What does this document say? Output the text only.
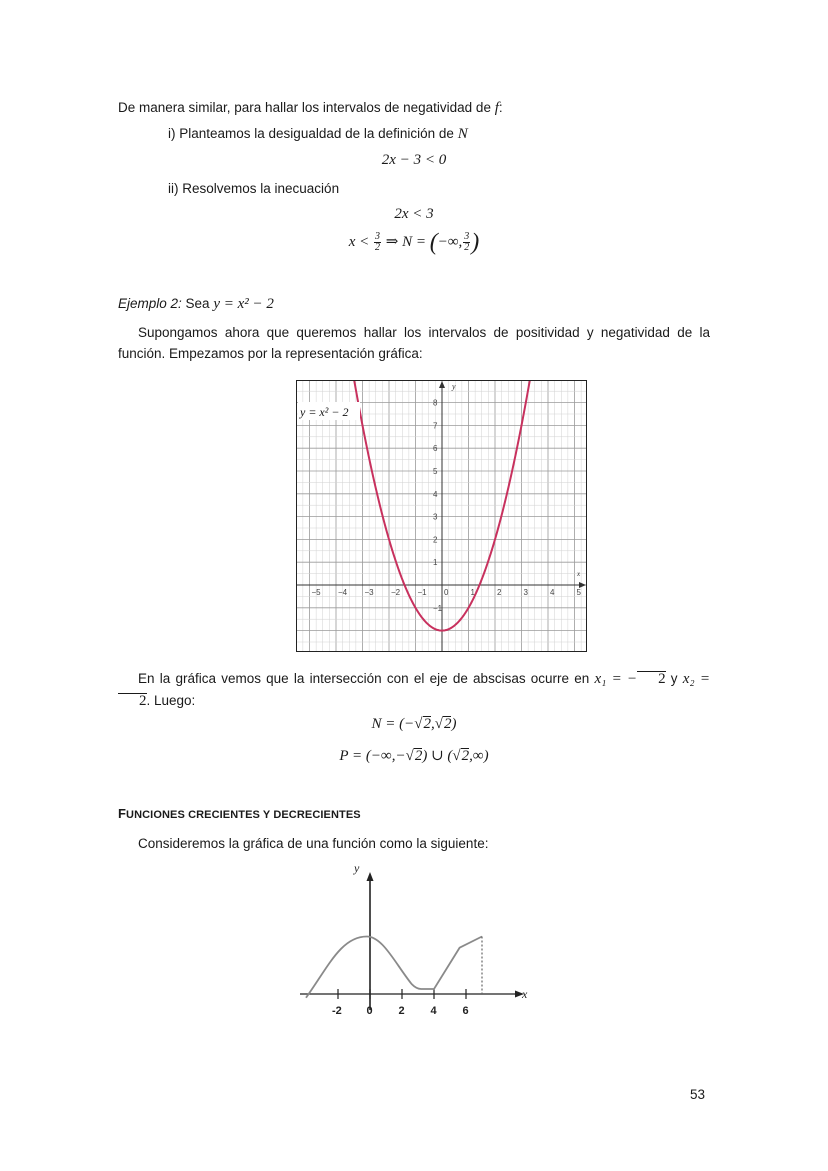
De manera similar, para hallar los intervalos de negatividad de f:
i) Planteamos la desigualdad de la definición de N
2x − 3 < 0
ii) Resolvemos la inecuación
2x < 3
$x < \frac{3}{2}$ ⇒ N = (−∞, $\frac{3}{2}$ )
Ejemplo 2: Sea y = x² − 2
Supongamos ahora que queremos hallar los intervalos de positividad y negatividad de la función. Empezamos por la representación gráfica:
−5 −4 −3 −2 −1 0	1	2	3	4	5
8
7
6
5
4
3
2
1
−1
y = x² − 2
y
x
En la gráfica vemos que la intersección con el eje de abscisas ocurre en x₁ = − 2 y x₂ = 2. Luego:
N = (−√2,√2)
P = (−∞,−√2) ∪ (√2,∞)
FUNCIONES CRECIENTES Y DECRECIENTES
Consideremos la gráfica de una función como la siguiente:
-2 0 2 4 6
y
x
53
